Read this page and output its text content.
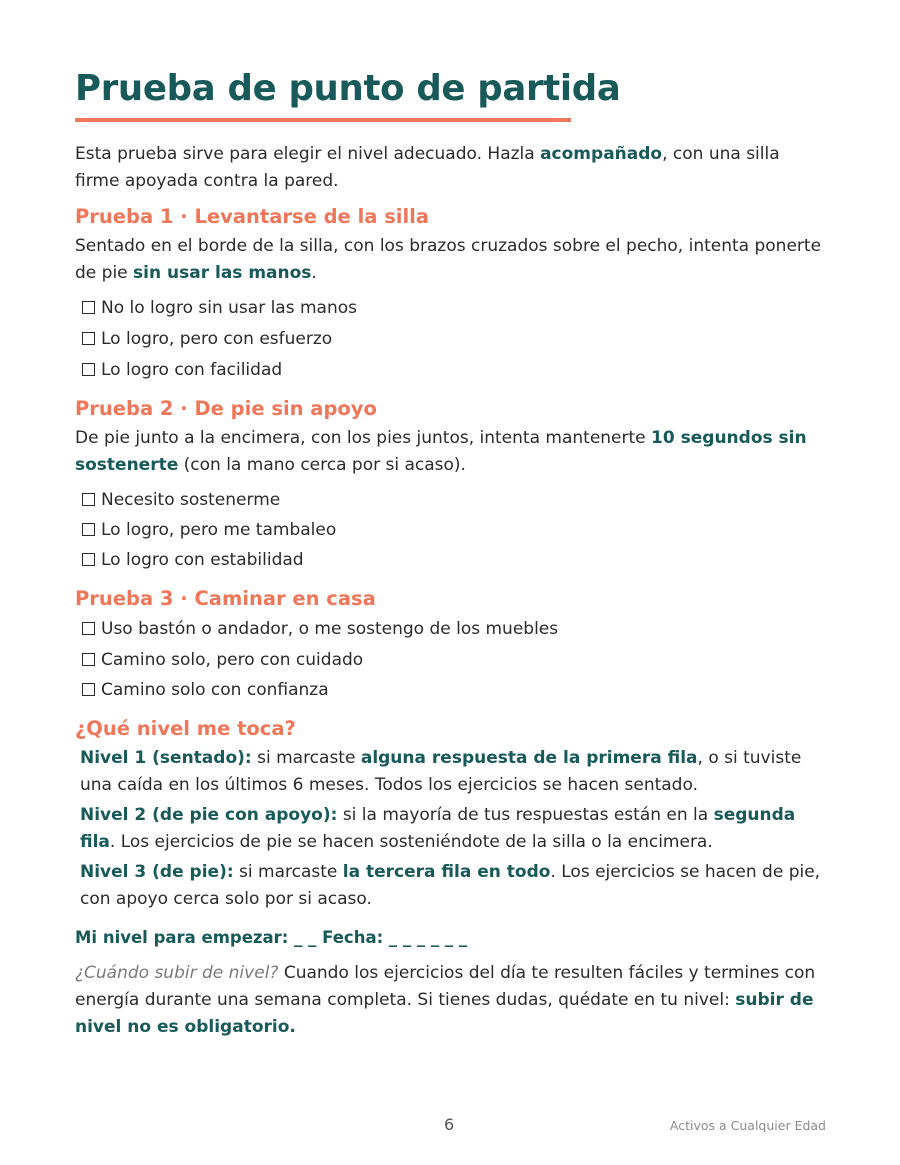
Prueba de punto de partida

Esta prueba sirve para elegir el nivel adecuado. Hazla acompañado, con una silla firme apoyada contra la pared.

Prueba 1 · Levantarse de la silla

Sentado en el borde de la silla, con los brazos cruzados sobre el pecho, intenta ponerte de pie sin usar las manos.

No lo logro sin usar las manos
Lo logro, pero con esfuerzo
Lo logro con facilidad
Prueba 2 · De pie sin apoyo

De pie junto a la encimera, con los pies juntos, intenta mantenerte 10 segundos sin sostenerte (con la mano cerca por si acaso).

Necesito sostenerme
Lo logro, pero me tambaleo
Lo logro con estabilidad
Prueba 3 · Caminar en casa
Uso bastón o andador, o me sostengo de los muebles
Camino solo, pero con cuidado
Camino solo con confianza
¿Qué nivel me toca?

Nivel 1 (sentado): si marcaste alguna respuesta de la primera fila, o si tuviste una caída en los últimos 6 meses. Todos los ejercicios se hacen sentado.

Nivel 2 (de pie con apoyo): si la mayoría de tus respuestas están en la segunda fila. Los ejercicios de pie se hacen sosteniéndote de la silla o la encimera.

Nivel 3 (de pie): si marcaste la tercera fila en todo. Los ejercicios se hacen de pie, con apoyo cerca solo por si acaso.

Mi nivel para empezar: _ _ Fecha: _ _ _ _ _ _

¿Cuándo subir de nivel? Cuando los ejercicios del día te resulten fáciles y termines con energía durante una semana completa. Si tienes dudas, quédate en tu nivel: subir de nivel no es obligatorio.

6	Activos a Cualquier Edad
